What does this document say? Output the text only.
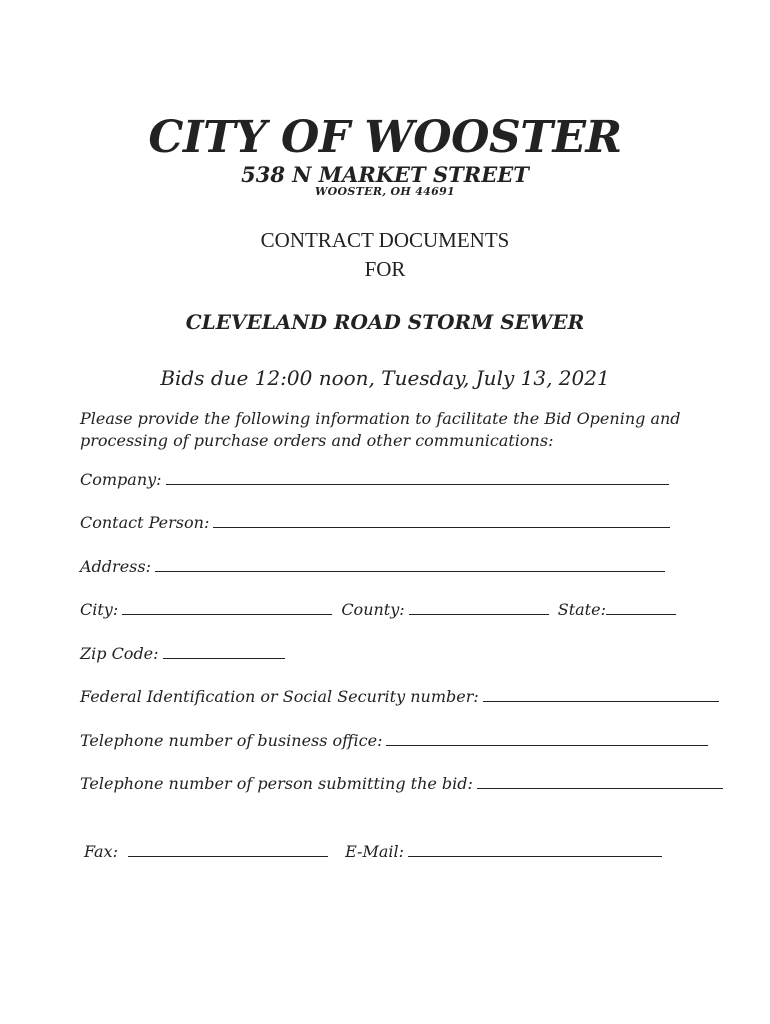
CITY OF WOOSTER
538 N MARKET STREET
WOOSTER, OH 44691
CONTRACT DOCUMENTS
FOR
CLEVELAND ROAD STORM SEWER
Bids due 12:00 noon, Tuesday, July 13, 2021
Please provide the following information to facilitate the Bid Opening and
processing of purchase orders and other communications:
Company:
Contact Person:
Address:
City:	County:	State:
Zip Code:
Federal Identification or Social Security number:
Telephone number of business office:
Telephone number of person submitting the bid:
Fax:	E-Mail:
